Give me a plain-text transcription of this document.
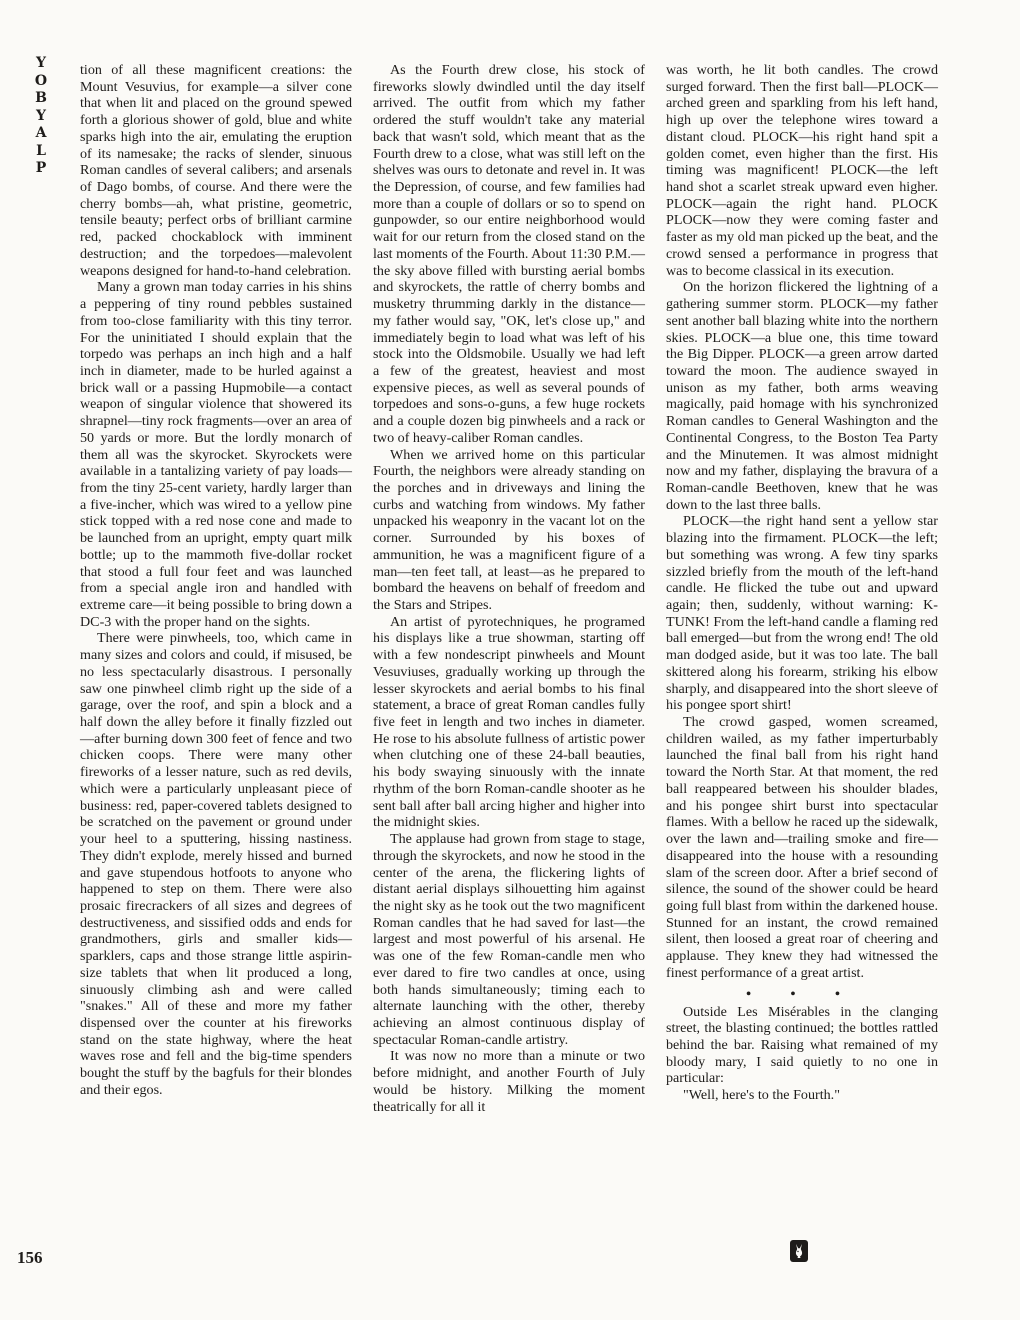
Y
O
B
Y
A
L
P
156

tion of all these magnificent creations: the Mount Vesuvius, for example—a silver cone that when lit and placed on the ground spewed forth a glorious shower of gold, blue and white sparks high into the air, emulating the eruption of its namesake; the racks of slender, sinuous Roman candles of several calibers; and arsenals of Dago bombs, of course. And there were the cherry bombs—ah, what pristine, geometric, tensile beauty; perfect orbs of brilliant carmine red, packed chockablock with imminent destruction; and the torpedoes—malevolent weapons designed for hand-to-hand celebration.

Many a grown man today carries in his shins a peppering of tiny round pebbles sustained from too-close familiarity with this tiny terror. For the uninitiated I should explain that the torpedo was perhaps an inch high and a half inch in diameter, made to be hurled against a brick wall or a passing Hupmobile—a contact weapon of singular violence that showered its shrapnel—tiny rock fragments—over an area of 50 yards or more. But the lordly monarch of them all was the skyrocket. Skyrockets were available in a tantalizing variety of pay loads—from the tiny 25-cent variety, hardly larger than a five-incher, which was wired to a yellow pine stick topped with a red nose cone and made to be launched from an upright, empty quart milk bottle; up to the mammoth five-dollar rocket that stood a full four feet and was launched from a special angle iron and handled with extreme care—it being possible to bring down a DC-3 with the proper hand on the sights.

There were pinwheels, too, which came in many sizes and colors and could, if misused, be no less spectacularly disastrous. I personally saw one pinwheel climb right up the side of a garage, over the roof, and spin a block and a half down the alley before it finally fizzled out—after burning down 300 feet of fence and two chicken coops. There were many other fireworks of a lesser nature, such as red devils, which were a particularly unpleasant piece of business: red, paper-covered tablets designed to be scratched on the pavement or ground under your heel to a sputtering, hissing nastiness. They didn't explode, merely hissed and burned and gave stupendous hotfoots to anyone who happened to step on them. There were also prosaic firecrackers of all sizes and degrees of destructiveness, and sissified odds and ends for grandmothers, girls and smaller kids—sparklers, caps and those strange little aspirin-size tablets that when lit produced a long, sinuously climbing ash and were called "snakes." All of these and more my father dispensed over the counter at his fireworks stand on the state highway, where the heat waves rose and fell and the big-time spenders bought the stuff by the bagfuls for their blondes and their egos.

As the Fourth drew close, his stock of fireworks slowly dwindled until the day itself arrived. The outfit from which my father ordered the stuff wouldn't take any material back that wasn't sold, which meant that as the Fourth drew to a close, what was still left on the shelves was ours to detonate and revel in. It was the Depression, of course, and few families had more than a couple of dollars or so to spend on gunpowder, so our entire neighborhood would wait for our return from the closed stand on the last moments of the Fourth. About 11:30 P.M.—the sky above filled with bursting aerial bombs and skyrockets, the rattle of cherry bombs and musketry thrumming darkly in the distance—my father would say, "OK, let's close up," and immediately begin to load what was left of his stock into the Oldsmobile. Usually we had left a few of the greatest, heaviest and most expensive pieces, as well as several pounds of torpedoes and sons-o-guns, a few huge rockets and a couple dozen big pinwheels and a rack or two of heavy-caliber Roman candles.

When we arrived home on this particular Fourth, the neighbors were already standing on the porches and in driveways and lining the curbs and watching from windows. My father unpacked his weaponry in the vacant lot on the corner. Surrounded by his boxes of ammunition, he was a magnificent figure of a man—ten feet tall, at least—as he prepared to bombard the heavens on behalf of freedom and the Stars and Stripes.

An artist of pyrotechniques, he programed his displays like a true showman, starting off with a few nondescript pinwheels and Mount Vesuviuses, gradually working up through the lesser skyrockets and aerial bombs to his final statement, a brace of great Roman candles fully five feet in length and two inches in diameter. He rose to his absolute fullness of artistic power when clutching one of these 24-ball beauties, his body swaying sinuously with the innate rhythm of the born Roman-candle shooter as he sent ball after ball arcing higher and higher into the midnight skies.

The applause had grown from stage to stage, through the skyrockets, and now he stood in the center of the arena, the flickering lights of distant aerial displays silhouetting him against the night sky as he took out the two magnificent Roman candles that he had saved for last—the largest and most powerful of his arsenal. He was one of the few Roman-candle men who ever dared to fire two candles at once, using both hands simultaneously; timing each to alternate launching with the other, thereby achieving an almost continuous display of spectacular Roman-candle artistry.

It was now no more than a minute or two before midnight, and another Fourth of July would be history. Milking the moment theatrically for all it

was worth, he lit both candles. The crowd surged forward. Then the first ball—PLOCK—arched green and sparkling from his left hand, high up over the telephone wires toward a distant cloud. PLOCK—his right hand spit a golden comet, even higher than the first. His timing was magnificent! PLOCK—the left hand shot a scarlet streak upward even higher. PLOCK—again the right hand. PLOCK PLOCK—now they were coming faster and faster as my old man picked up the beat, and the crowd sensed a performance in progress that was to become classical in its execution.

On the horizon flickered the lightning of a gathering summer storm. PLOCK—my father sent another ball blazing white into the northern skies. PLOCK—a blue one, this time toward the Big Dipper. PLOCK—a green arrow darted toward the moon. The audience swayed in unison as my father, both arms weaving magically, paid homage with his synchronized Roman candles to General Washington and the Continental Congress, to the Boston Tea Party and the Minutemen. It was almost midnight now and my father, displaying the bravura of a Roman-candle Beethoven, knew that he was down to the last three balls.

PLOCK—the right hand sent a yellow star blazing into the firmament. PLOCK—the left; but something was wrong. A few tiny sparks sizzled briefly from the mouth of the left-hand candle. He flicked the tube out and upward again; then, suddenly, without warning: K-TUNK! From the left-hand candle a flaming red ball emerged—but from the wrong end! The old man dodged aside, but it was too late. The ball skittered along his forearm, striking his elbow sharply, and disappeared into the short sleeve of his pongee sport shirt!

The crowd gasped, women screamed, children wailed, as my father imperturbably launched the final ball from his right hand toward the North Star. At that moment, the red ball reappeared between his shoulder blades, and his pongee shirt burst into spectacular flames. With a bellow he raced up the sidewalk, over the lawn and—trailing smoke and fire—disappeared into the house with a resounding slam of the screen door. After a brief second of silence, the sound of the shower could be heard going full blast from within the darkened house. Stunned for an instant, the crowd remained silent, then loosed a great roar of cheering and applause. They knew they had witnessed the finest performance of a great artist.

• • •

Outside Les Misérables in the clanging street, the blasting continued; the bottles rattled behind the bar. Raising what remained of my bloody mary, I said quietly to no one in particular:

"Well, here's to the Fourth."
